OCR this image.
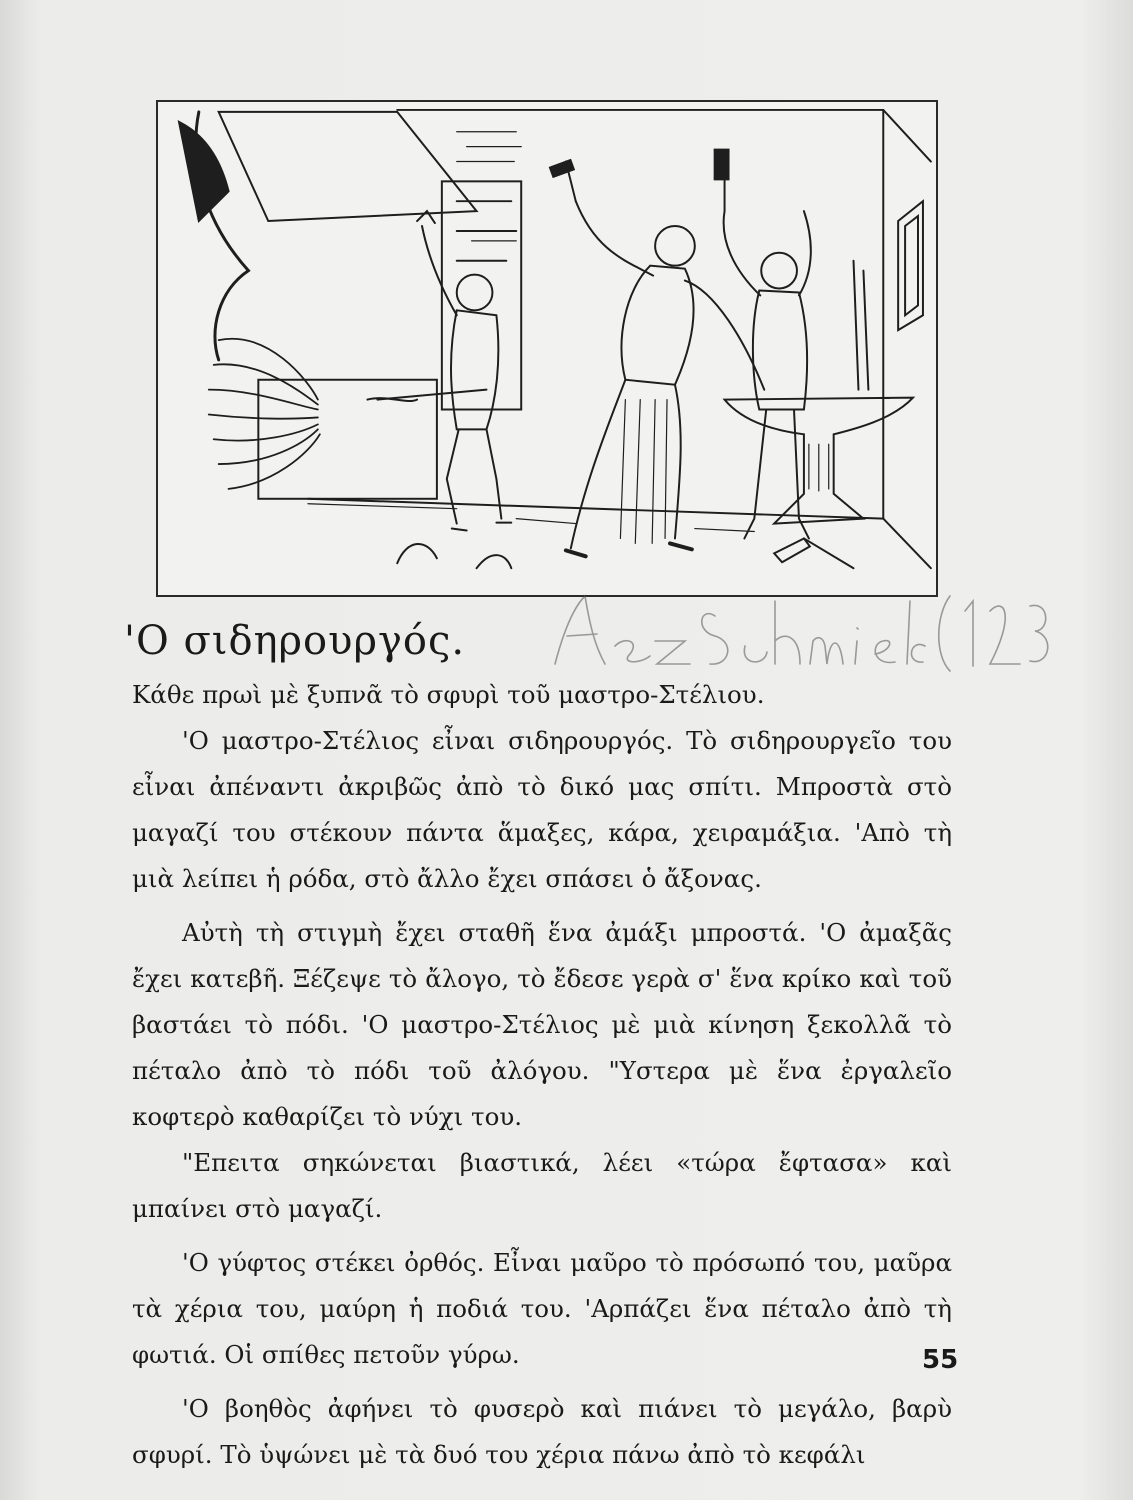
'Ο σιδηρουργός.

Κάθε πρωὶ μὲ ξυπνᾶ τὸ σφυρὶ τοῦ μαστρο-Στέλιου.

'Ο μαστρο-Στέλιος εἶναι σιδηρουργός. Τὸ σιδηρουργεῖο του εἶναι ἀπέναντι ἀκριβῶς ἀπὸ τὸ δικό μας σπίτι. Μπροστὰ στὸ μαγαζί του στέκουν πάντα ἅμαξες, κάρα, χειραμάξια. 'Απὸ τὴ μιὰ λείπει ἡ ρόδα, στὸ ἄλλο ἔχει σπάσει ὁ ἄξονας.

Αὐτὴ τὴ στιγμὴ ἔχει σταθῆ ἕνα ἀμάξι μπροστά. 'Ο ἀμαξᾶς ἔχει κατεβῆ. Ξέζεψε τὸ ἄλογο, τὸ ἔδεσε γερὰ σ' ἕνα κρίκο καὶ τοῦ βαστάει τὸ πόδι. 'Ο μαστρο-Στέλιος μὲ μιὰ κίνηση ξεκολλᾶ τὸ πέταλο ἀπὸ τὸ πόδι τοῦ ἀλόγου. "Υστερα μὲ ἕνα ἐργαλεῖο κοφτερὸ καθαρίζει τὸ νύχι του.

"Επειτα σηκώνεται βιαστικά, λέει «τώρα ἔφτασα» καὶ μπαίνει στὸ μαγαζί.

'Ο γύφτος στέκει ὀρθός. Εἶναι μαῦρο τὸ πρόσωπό του, μαῦρα τὰ χέρια του, μαύρη ἡ ποδιά του. 'Αρπάζει ἕνα πέταλο ἀπὸ τὴ φωτιά. Οἱ σπίθες πετοῦν γύρω.

'Ο βοηθὸς ἀφήνει τὸ φυσερὸ καὶ πιάνει τὸ μεγάλο, βαρὺ σφυρί. Τὸ ὑψώνει μὲ τὰ δυό του χέρια πάνω ἀπὸ τὸ κεφάλι

55
